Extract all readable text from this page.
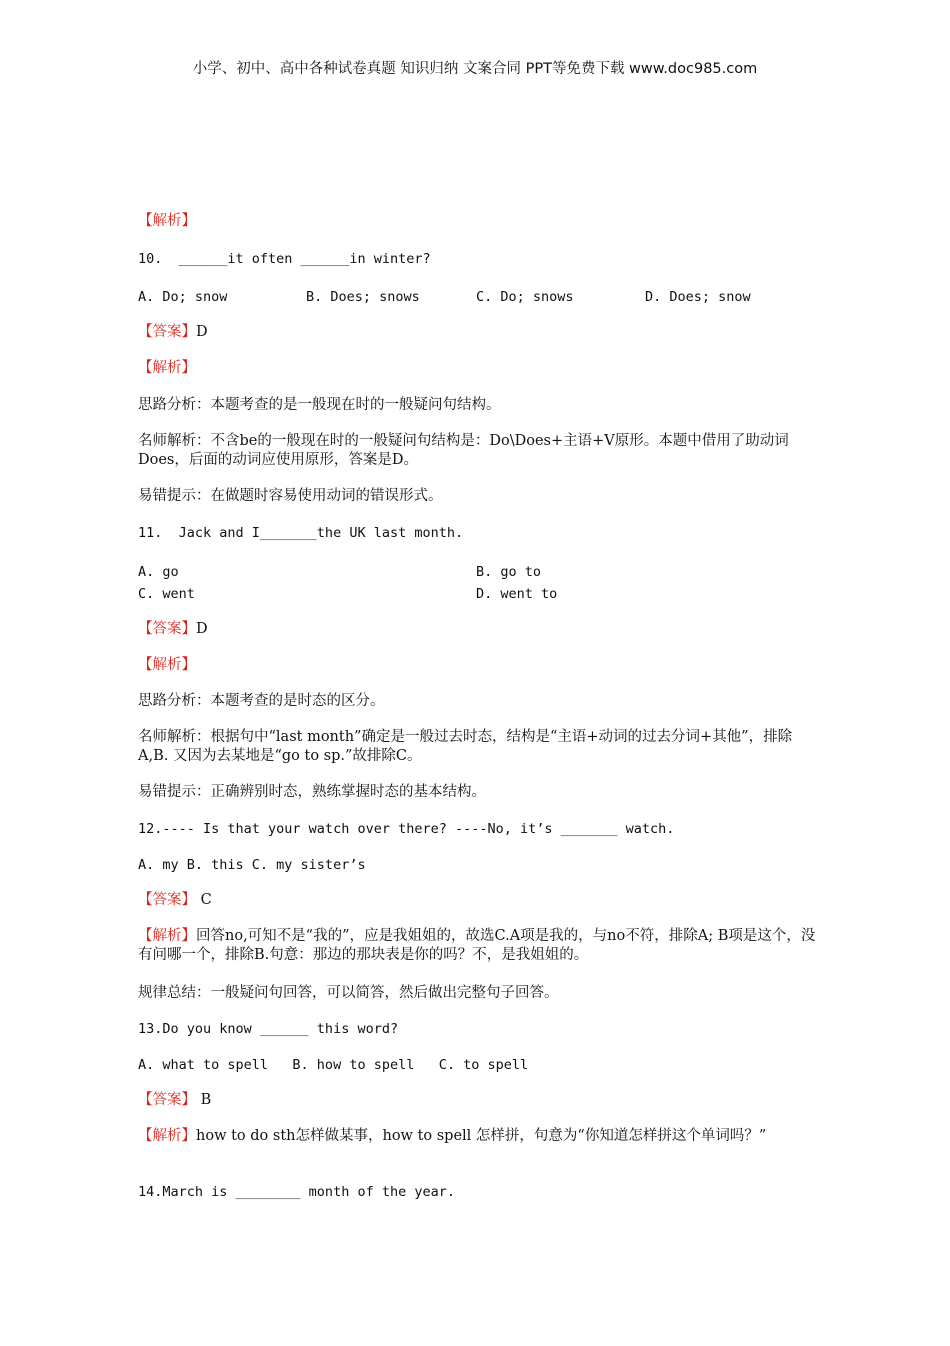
小学、初中、高中各种试卷真题 知识归纳 文案合同 PPT等免费下载 www.doc985.com
【解析】
10.  ______it often ______in winter?
A. Do; snow	B. Does; snows	C. Do; snows	D. Does; snow
【答案】D
【解析】
思路分析：本题考查的是一般现在时的一般疑问句结构。
名师解析：不含be的一般现在时的一般疑问句结构是：Do\Does+主语+V原形。本题中借用了助动词Does，后面的动词应使用原形，答案是D。
易错提示：在做题时容易使用动词的错误形式。
11.  Jack and I_______the UK last month.
A. go	B. go to
C. went	D. went to
【答案】D
【解析】
思路分析：本题考查的是时态的区分。
名师解析：根据句中“last month”确定是一般过去时态，结构是“主语+动词的过去分词+其他”，排除A,B. 又因为去某地是“go to sp.”故排除C。
易错提示：正确辨别时态，熟练掌握时态的基本结构。
12.---- Is that your watch over there? ----No, it’s _______ watch.
A. my B. this C. my sister’s
【答案】 C
【解析】回答no,可知不是“我的”，应是我姐姐的，故选C.A项是我的，与no不符，排除A; B项是这个，没有问哪一个，排除B.句意：那边的那块表是你的吗？不，是我姐姐的。
规律总结：一般疑问句回答，可以简答，然后做出完整句子回答。
13.Do you know ______ this word?
A. what to spell   B. how to spell   C. to spell
【答案】 B
【解析】how to do sth怎样做某事，how to spell 怎样拼，句意为“你知道怎样拼这个单词吗？”
14.March is ________ month of the year.
